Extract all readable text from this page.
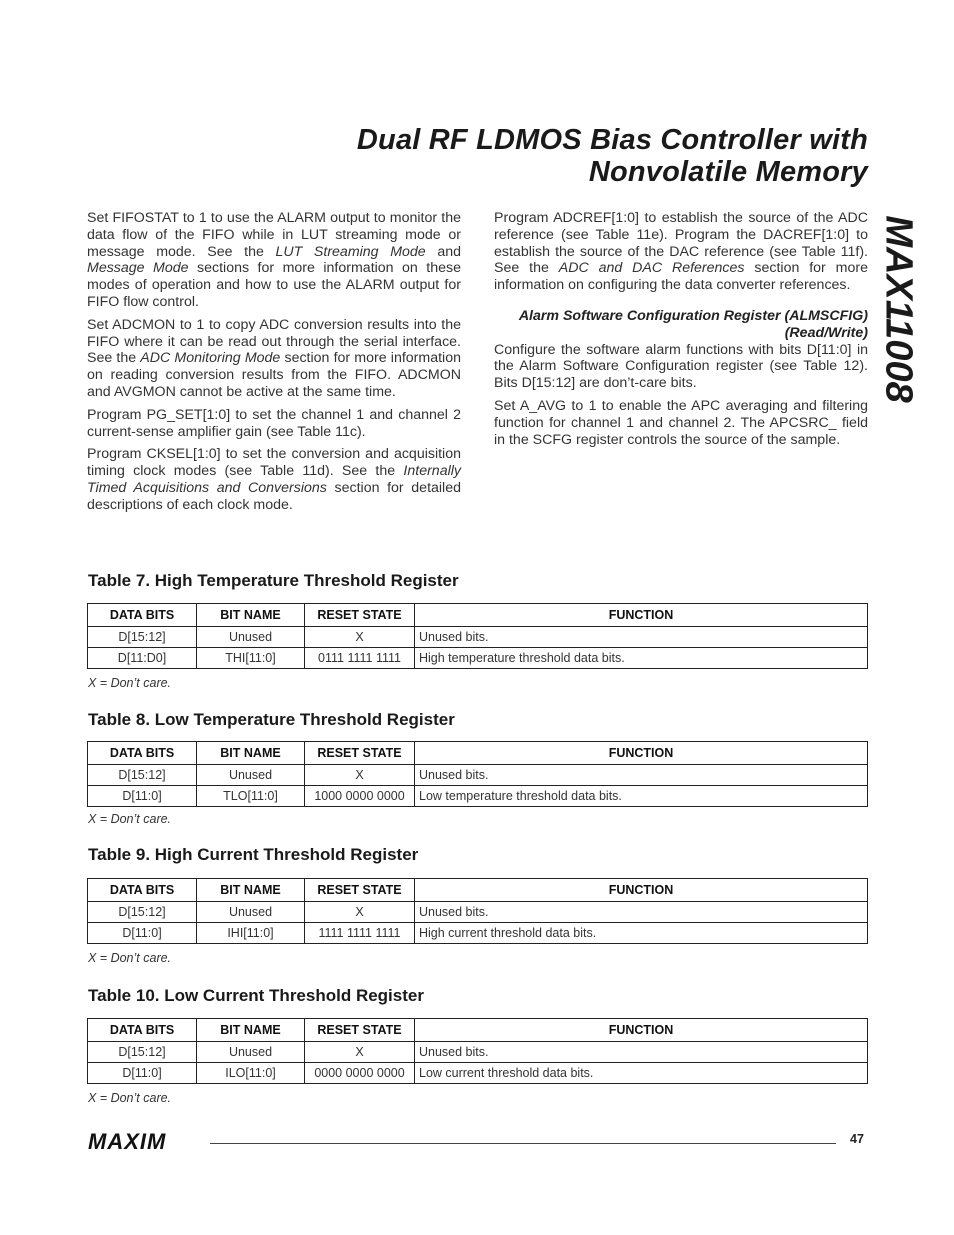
Dual RF LDMOS Bias Controller with
Nonvolatile Memory
MAX11008

Set FIFOSTAT to 1 to use the ALARM output to monitor the data flow of the FIFO while in LUT streaming mode or message mode. See the LUT Streaming Mode and Message Mode sections for more information on these modes of operation and how to use the ALARM output for FIFO flow control.

Set ADCMON to 1 to copy ADC conversion results into the FIFO where it can be read out through the serial interface. See the ADC Monitoring Mode section for more information on reading conversion results from the FIFO. ADCMON and AVGMON cannot be active at the same time.

Program PG_SET[1:0] to set the channel 1 and channel 2 current-sense amplifier gain (see Table 11c).

Program CKSEL[1:0] to set the conversion and acquisition timing clock modes (see Table 11d). See the Internally Timed Acquisitions and Conversions section for detailed descriptions of each clock mode.

Program ADCREF[1:0] to establish the source of the ADC reference (see Table 11e). Program the DACREF[1:0] to establish the source of the DAC reference (see Table 11f). See the ADC and DAC References section for more information on configuring the data converter references.

Alarm Software Configuration Register (ALMSCFIG)
(Read/Write)

Configure the software alarm functions with bits D[11:0] in the Alarm Software Configuration register (see Table 12). Bits D[15:12] are don’t-care bits.

Set A_AVG to 1 to enable the APC averaging and filtering function for channel 1 and channel 2. The APCSRC_ field in the SCFG register controls the source of the sample.

Table 7. High Temperature Threshold Register
DATA BITS	BIT NAME	RESET STATE	FUNCTION
D[15:12]	Unused	X	Unused bits.
D[11:D0]	THI[11:0]	0111 1111 1111	High temperature threshold data bits.
X = Don’t care.
Table 8. Low Temperature Threshold Register
DATA BITS	BIT NAME	RESET STATE	FUNCTION
D[15:12]	Unused	X	Unused bits.
D[11:0]	TLO[11:0]	1000 0000 0000	Low temperature threshold data bits.
X = Don’t care.
Table 9. High Current Threshold Register
DATA BITS	BIT NAME	RESET STATE	FUNCTION
D[15:12]	Unused	X	Unused bits.
D[11:0]	IHI[11:0]	1111 1111 1111	High current threshold data bits.
X = Don’t care.
Table 10. Low Current Threshold Register
DATA BITS	BIT NAME	RESET STATE	FUNCTION
D[15:12]	Unused	X	Unused bits.
D[11:0]	ILO[11:0]	0000 0000 0000	Low current threshold data bits.
X = Don’t care.
MAXIM	47
